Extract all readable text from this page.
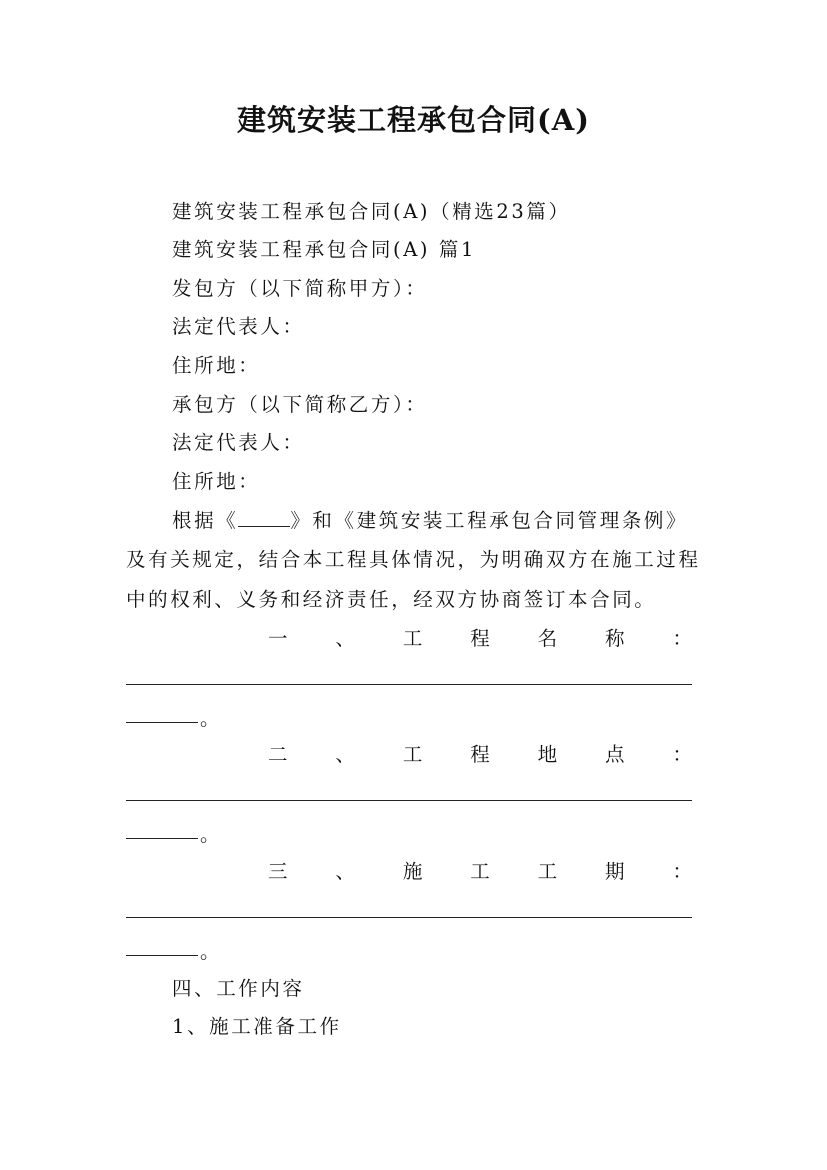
建筑安装工程承包合同(A)
建筑安装工程承包合同(A)（精选23篇）
建筑安装工程承包合同(A) 篇1
发包方（以下简称甲方）：
法定代表人：
住所地：
承包方（以下简称乙方）：
法定代表人：
住所地：
根据《	》和《建筑安装工程承包合同管理条例》
及有关规定，结合本工程具体情况，为明确双方在施工过程
中的权利、义务和经济责任，经双方协商签订本合同。
一 、 工 程 名 称 ：
。
二 、 工 程 地 点 ：
。
三 、 施 工 工 期 ：
。
四、工作内容
1、施工准备工作
